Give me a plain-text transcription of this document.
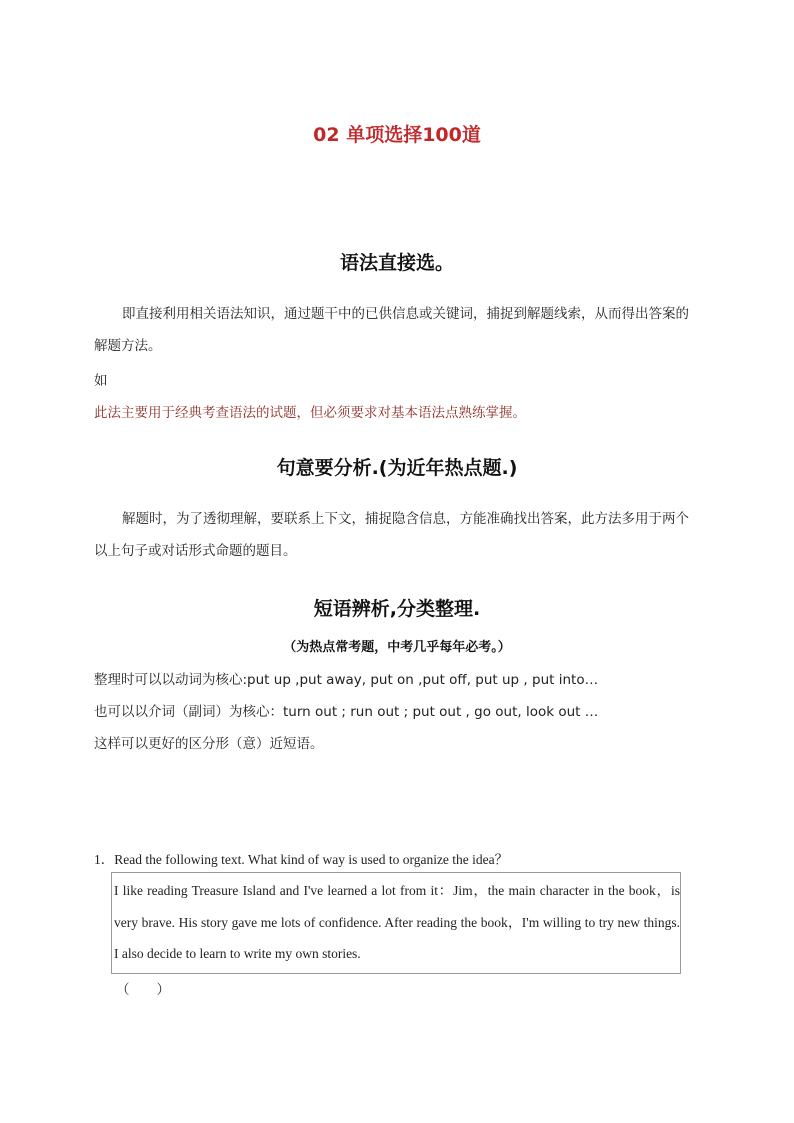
02 单项选择100道
语法直接选。
即直接利用相关语法知识，通过题干中的已供信息或关键词，捕捉到解题线索，从而得出答案的解题方法。
如
此法主要用于经典考查语法的试题，但必须要求对基本语法点熟练掌握。
句意要分析.(为近年热点题.)
解题时，为了透彻理解，要联系上下文，捕捉隐含信息，方能准确找出答案，此方法多用于两个以上句子或对话形式命题的题目。
短语辨析,分类整理.
（为热点常考题，中考几乎每年必考。）
整理时可以以动词为核心:put up ,put away, put on ,put off, put up , put into…
也可以以介词（副词）为核心：turn out ; run out ; put out , go out, look out …
这样可以更好的区分形（意）近短语。
1．Read the following text. What kind of way is used to organize the idea？
I like reading Treasure Island and I've learned a lot from it：Jim，the main character in the book，is very brave. His story gave me lots of confidence. After reading the book，I'm willing to try new things. I also decide to learn to write my own stories.
（　　）
